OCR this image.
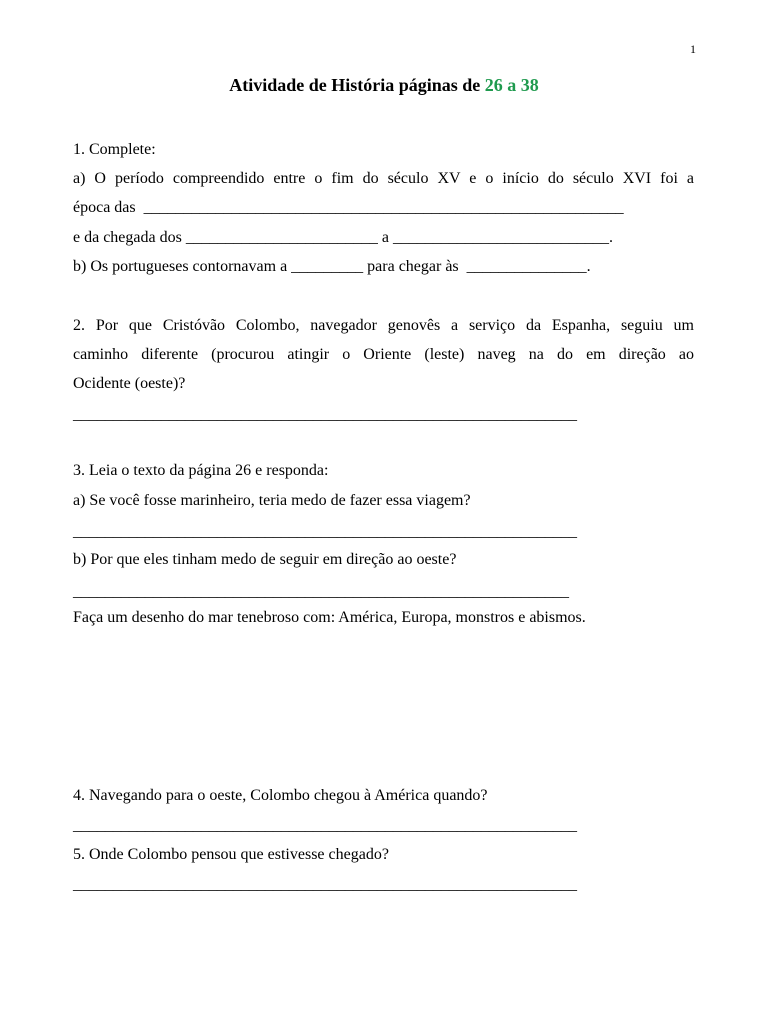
1
Atividade de História páginas de 26 a 38
1. Complete:
a) O período compreendido entre o fim do século XV e o início do século XVI foi a
época das  ____________________________________________________________
e da chegada dos ________________________ a ___________________________.
b) Os portugueses contornavam a _________ para chegar às  _______________.
2. Por que Cristóvão Colombo, navegador genovês a serviço da Espanha, seguiu um
caminho diferente (procurou atingir o Oriente (leste) naveg na do em direção ao
Ocidente (oeste)?
_______________________________________________________________
3. Leia o texto da página 26 e responda:
a) Se você fosse marinheiro, teria medo de fazer essa viagem?
_______________________________________________________________
b) Por que eles tinham medo de seguir em direção ao oeste?
______________________________________________________________
Faça um desenho do mar tenebroso com: América, Europa, monstros e abismos.
4. Navegando para o oeste, Colombo chegou à América quando?
_______________________________________________________________
5. Onde Colombo pensou que estivesse chegado?
_______________________________________________________________
